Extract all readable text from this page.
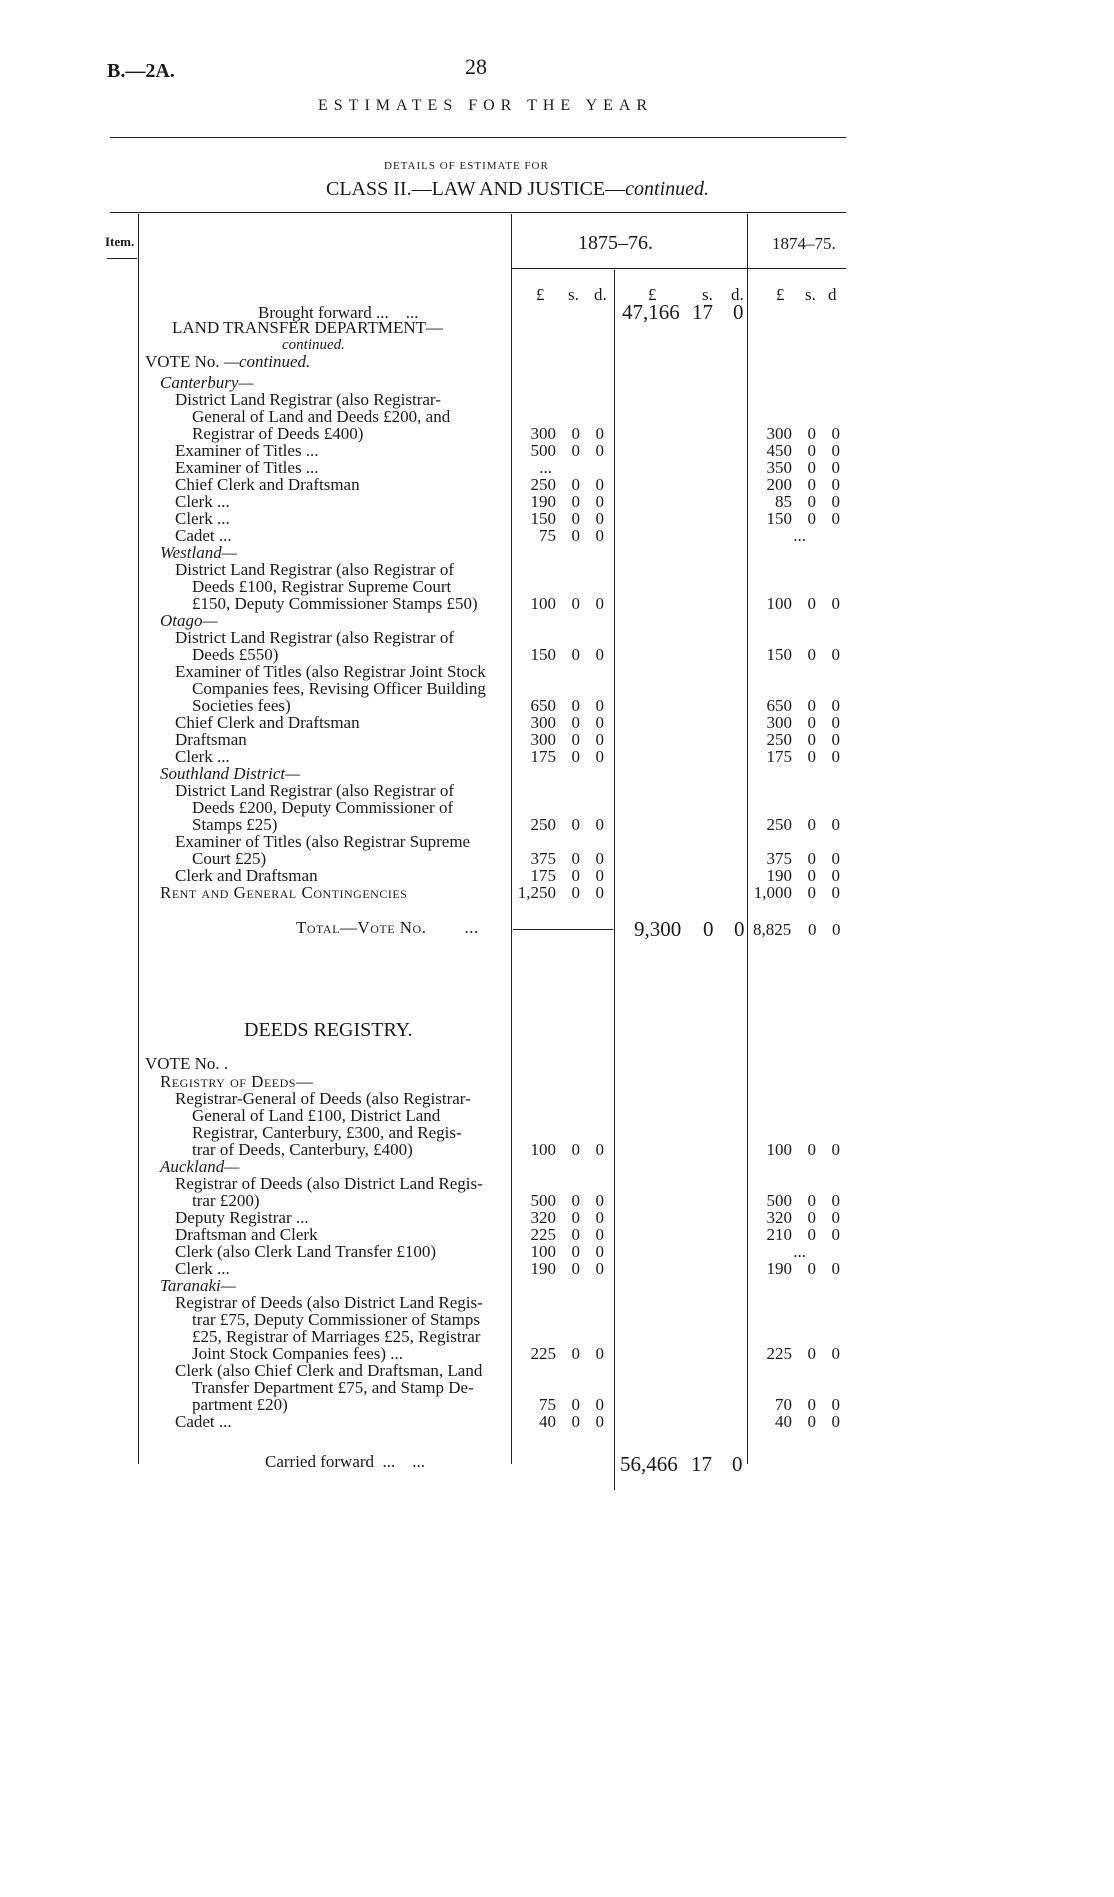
B.—2A.	28
ESTIMATES FOR THE YEAR
DETAILS OF ESTIMATE FOR
CLASS II.—LAW AND JUSTICE—continued.
Item.	1875–76.	1874–75.
£ s. d. £	s. d. £ s. d
Brought forward ...    ...	47,166 17 0
LAND TRANSFER DEPARTMENT—
continued.
VOTE No. —continued.
Canterbury—
District Land Registrar (also Registrar-
General of Land and Deeds £200, and
Registrar of Deeds £400)	300 0 0	300 0 0
Examiner of Titles ...	500 0 0	450 0 0
Examiner of Titles ...	...	350 0 0
Chief Clerk and Draftsman	250 0 0	200 0 0
Clerk ...	190 0 0	85 0 0
Clerk ...	150 0 0	150 0 0
Cadet ...	75 0 0	...
Westland—
District Land Registrar (also Registrar of
Deeds £100, Registrar Supreme Court
£150, Deputy Commissioner Stamps £50)	100 0 0	100 0 0
Otago—
District Land Registrar (also Registrar of
Deeds £550)	150 0 0	150 0 0
Examiner of Titles (also Registrar Joint Stock
Companies fees, Revising Officer Building
Societies fees)	650 0 0	650 0 0
Chief Clerk and Draftsman	300 0 0	300 0 0
Draftsman	300 0 0	250 0 0
Clerk ...	175 0 0	175 0 0
Southland District—
District Land Registrar (also Registrar of
Deeds £200, Deputy Commissioner of
Stamps £25)	250 0 0	250 0 0
Examiner of Titles (also Registrar Supreme
Court £25)	375 0 0	375 0 0
Clerk and Draftsman	175 0 0	190 0 0
Rent and General Contingencies	1,250 0 0	1,000 0 0
Total—Vote No.        ...	9,300 0 0 8,825 0 0
DEEDS REGISTRY.
VOTE No. .
Registry of Deeds—
Registrar-General of Deeds (also Registrar-
General of Land £100, District Land
Registrar, Canterbury, £300, and Regis-
trar of Deeds, Canterbury, £400)	100 0 0	100 0 0
Auckland—
Registrar of Deeds (also District Land Regis-
trar £200)	500 0 0	500 0 0
Deputy Registrar ...	320 0 0	320 0 0
Draftsman and Clerk	225 0 0	210 0 0
Clerk (also Clerk Land Transfer £100)	100 0 0	...
Clerk ...	190 0 0	190 0 0
Taranaki—
Registrar of Deeds (also District Land Regis-
trar £75, Deputy Commissioner of Stamps
£25, Registrar of Marriages £25, Registrar
Joint Stock Companies fees) ...	225 0 0	225 0 0
Clerk (also Chief Clerk and Draftsman, Land
Transfer Department £75, and Stamp De-
partment £20)	75 0 0	70 0 0
Cadet ...	40 0 0	40 0 0
Carried forward  ...    ...	56,466 17 0
